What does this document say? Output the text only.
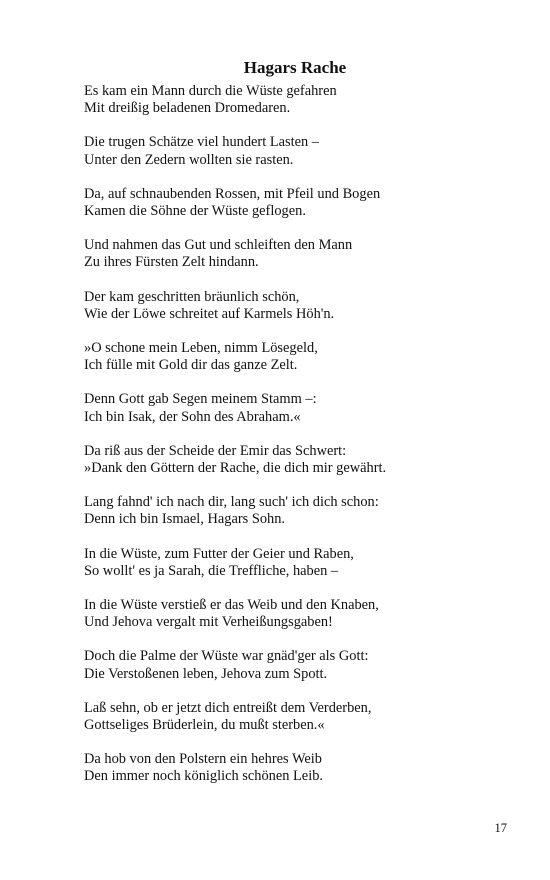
Hagars Rache
Es kam ein Mann durch die Wüste gefahren
Mit dreißig beladenen Dromedaren.
Die trugen Schätze viel hundert Lasten –
Unter den Zedern wollten sie rasten.
Da, auf schnaubenden Rossen, mit Pfeil und Bogen
Kamen die Söhne der Wüste geflogen.
Und nahmen das Gut und schleiften den Mann
Zu ihres Fürsten Zelt hindann.
Der kam geschritten bräunlich schön,
Wie der Löwe schreitet auf Karmels Höh'n.
»O schone mein Leben, nimm Lösegeld,
Ich fülle mit Gold dir das ganze Zelt.
Denn Gott gab Segen meinem Stamm –:
Ich bin Isak, der Sohn des Abraham.«
Da riß aus der Scheide der Emir das Schwert:
»Dank den Göttern der Rache, die dich mir gewährt.
Lang fahnd' ich nach dir, lang such' ich dich schon:
Denn ich bin Ismael, Hagars Sohn.
In die Wüste, zum Futter der Geier und Raben,
So wollt' es ja Sarah, die Treffliche, haben –
In die Wüste verstieß er das Weib und den Knaben,
Und Jehova vergalt mit Verheißungsgaben!
Doch die Palme der Wüste war gnäd'ger als Gott:
Die Verstoßenen leben, Jehova zum Spott.
Laß sehn, ob er jetzt dich entreißt dem Verderben,
Gottseliges Brüderlein, du mußt sterben.«
Da hob von den Polstern ein hehres Weib
Den immer noch königlich schönen Leib.
17
